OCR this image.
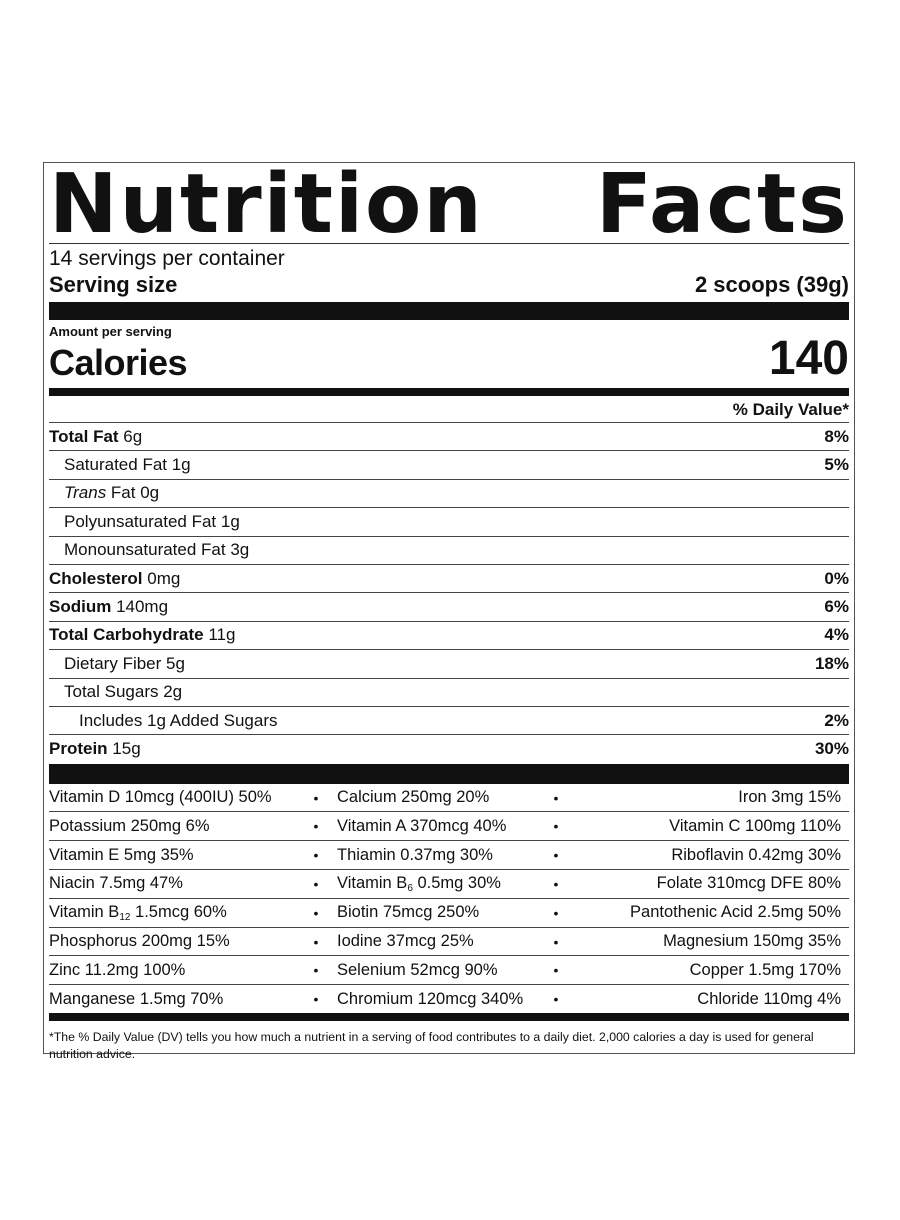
Nutrition Facts
14 servings per container
Serving size	2 scoops (39g)
Amount per serving
Calories	140
% Daily Value*
Total Fat 6g	8%
Saturated Fat 1g	5%
Trans Fat 0g
Polyunsaturated Fat 1g
Monounsaturated Fat 3g
Cholesterol 0mg	0%
Sodium 140mg	6%
Total Carbohydrate 11g	4%
Dietary Fiber 5g	18%
Total Sugars 2g
Includes 1g Added Sugars	2%
Protein 15g	30%
Vitamin D 10mcg (400IU) 50%	•	Calcium 250mg 20%	•	Iron 3mg 15%
Potassium 250mg 6%	•	Vitamin A 370mcg 40%	•	Vitamin C 100mg 110%
Vitamin E 5mg 35%	•	Thiamin 0.37mg 30%	•	Riboflavin 0.42mg 30%
Niacin 7.5mg 47%	•	Vitamin $B_6$ 0.5mg 30%	•	Folate 310mcg DFE 80%
Vitamin $B_{12}$ 1.5mcg 60%	•	Biotin 75mcg 250%	•	Pantothenic Acid 2.5mg 50%
Phosphorus 200mg 15%	•	Iodine 37mcg 25%	•	Magnesium 150mg 35%
Zinc 11.2mg 100%	•	Selenium 52mcg 90%	•	Copper 1.5mg 170%
Manganese 1.5mg 70%	•	Chromium 120mcg 340%	•	Chloride 110mg 4%
*The % Daily Value (DV) tells you how much a nutrient in a serving of food contributes to a daily diet. 2,000 calories a day is used for general nutrition advice.
